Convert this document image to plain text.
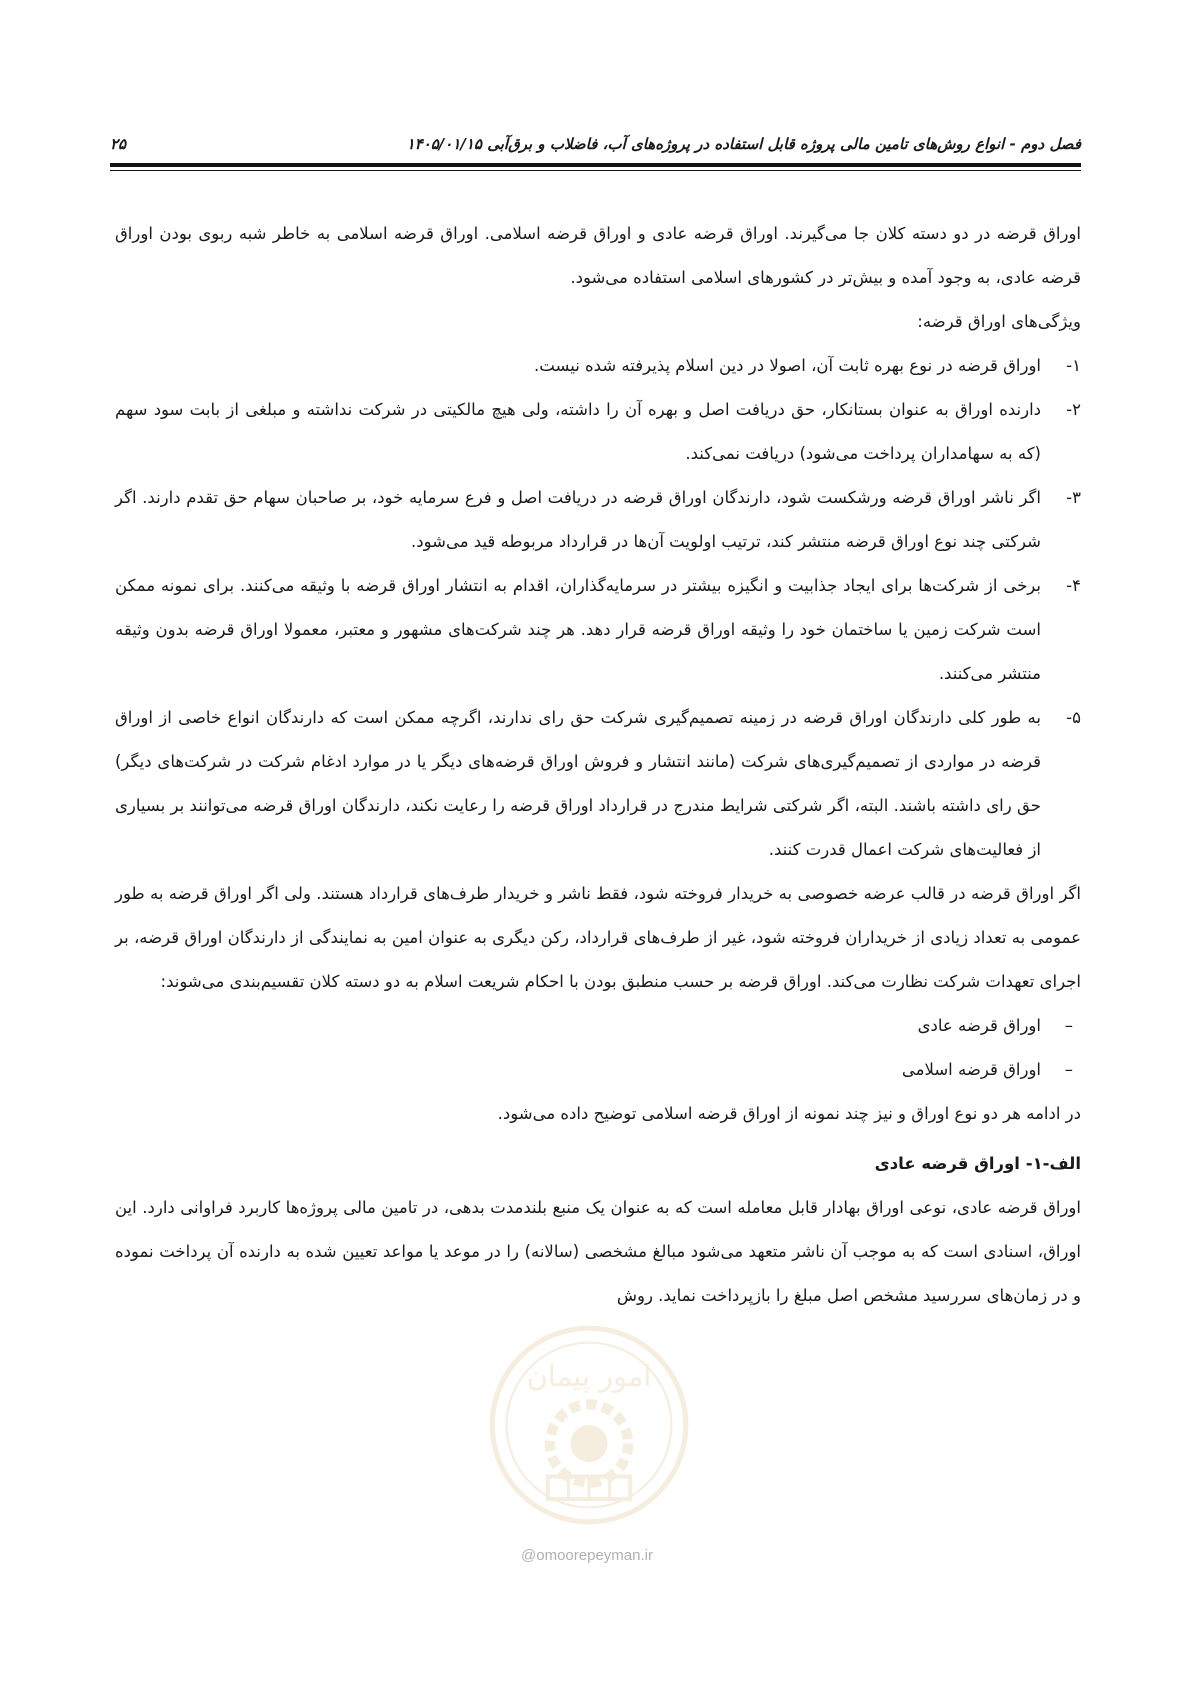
فصل دوم - انواع روش‌های تامین مالی پروژه قابل استفاده در پروژه‌های آب، فاضلاب و برق‌آبی ۱۴۰۵/۰۱/۱۵
۲۵

اوراق قرضه در دو دسته کلان جا می‌گیرند. اوراق قرضه عادی و اوراق قرضه اسلامی. اوراق قرضه اسلامی به خاطر شبه ربوی بودن اوراق قرضه عادی، به وجود آمده و بیش‌تر در کشورهای اسلامی استفاده می‌شود.

ویژگی‌های اوراق قرضه:

۱-
اوراق قرضه در نوع بهره ثابت آن، اصولا در دین اسلام پذیرفته شده نیست.
۲-
دارنده اوراق به عنوان بستانکار، حق دریافت اصل و بهره آن را داشته، ولی هیچ مالکیتی در شرکت نداشته و مبلغی از بابت سود سهم (که به سهامداران پرداخت می‌شود) دریافت نمی‌کند.
۳-
اگر ناشر اوراق قرضه ورشکست شود، دارندگان اوراق قرضه در دریافت اصل و فرع سرمایه خود، بر صاحبان سهام حق تقدم دارند. اگر شرکتی چند نوع اوراق قرضه منتشر کند، ترتیب اولویت آن‌ها در قرارداد مربوطه قید می‌شود.
۴-
برخی از شرکت‌ها برای ایجاد جذابیت و انگیزه بیشتر در سرمایه‌گذاران، اقدام به انتشار اوراق قرضه با وثیقه می‌کنند. برای نمونه ممکن است شرکت زمین یا ساختمان خود را وثیقه اوراق قرضه قرار دهد. هر چند شرکت‌های مشهور و معتبر، معمولا اوراق قرضه بدون وثیقه منتشر می‌کنند.
۵-
به طور کلی دارندگان اوراق قرضه در زمینه تصمیم‌گیری شرکت حق رای ندارند، اگرچه ممکن است که دارندگان انواع خاصی از اوراق قرضه در مواردی از تصمیم‌گیری‌های شرکت (مانند انتشار و فروش اوراق قرضه‌های دیگر یا در موارد ادغام شرکت در شرکت‌های دیگر) حق رای داشته باشند. البته، اگر شرکتی شرایط مندرج در قرارداد اوراق قرضه را رعایت نکند، دارندگان اوراق قرضه می‌توانند بر بسیاری از فعالیت‌های شرکت اعمال قدرت کنند.

اگر اوراق قرضه در قالب عرضه خصوصی به خریدار فروخته شود، فقط ناشر و خریدار طرف‌های قرارداد هستند. ولی اگر اوراق قرضه به طور عمومی به تعداد زیادی از خریداران فروخته شود، غیر از طرف‌های قرارداد، رکن دیگری به عنوان امین به نمایندگی از دارندگان اوراق قرضه، بر اجرای تعهدات شرکت نظارت می‌کند. اوراق قرضه بر حسب منطبق بودن با احکام شریعت اسلام به دو دسته کلان تقسیم‌بندی می‌شوند:

–
اوراق قرضه عادی
–
اوراق قرضه اسلامی

در ادامه هر دو نوع اوراق و نیز چند نمونه از اوراق قرضه اسلامی توضیح داده می‌شود.

الف-۱- اوراق قرضه عادی

اوراق قرضه عادی، نوعی اوراق بهادار قابل معامله است که به عنوان یک منبع بلندمدت بدهی، در تامین مالی پروژه‌ها کاربرد فراوانی دارد. این اوراق، اسنادی است که به موجب آن ناشر متعهد می‌شود مبالغ مشخصی (سالانه) را در موعد یا مواعد تعیین شده به دارنده آن پرداخت نموده و در زمان‌های سررسید مشخص اصل مبلغ را بازپرداخت نماید. روش

امور پیمان
@omoorepeyman.ir
